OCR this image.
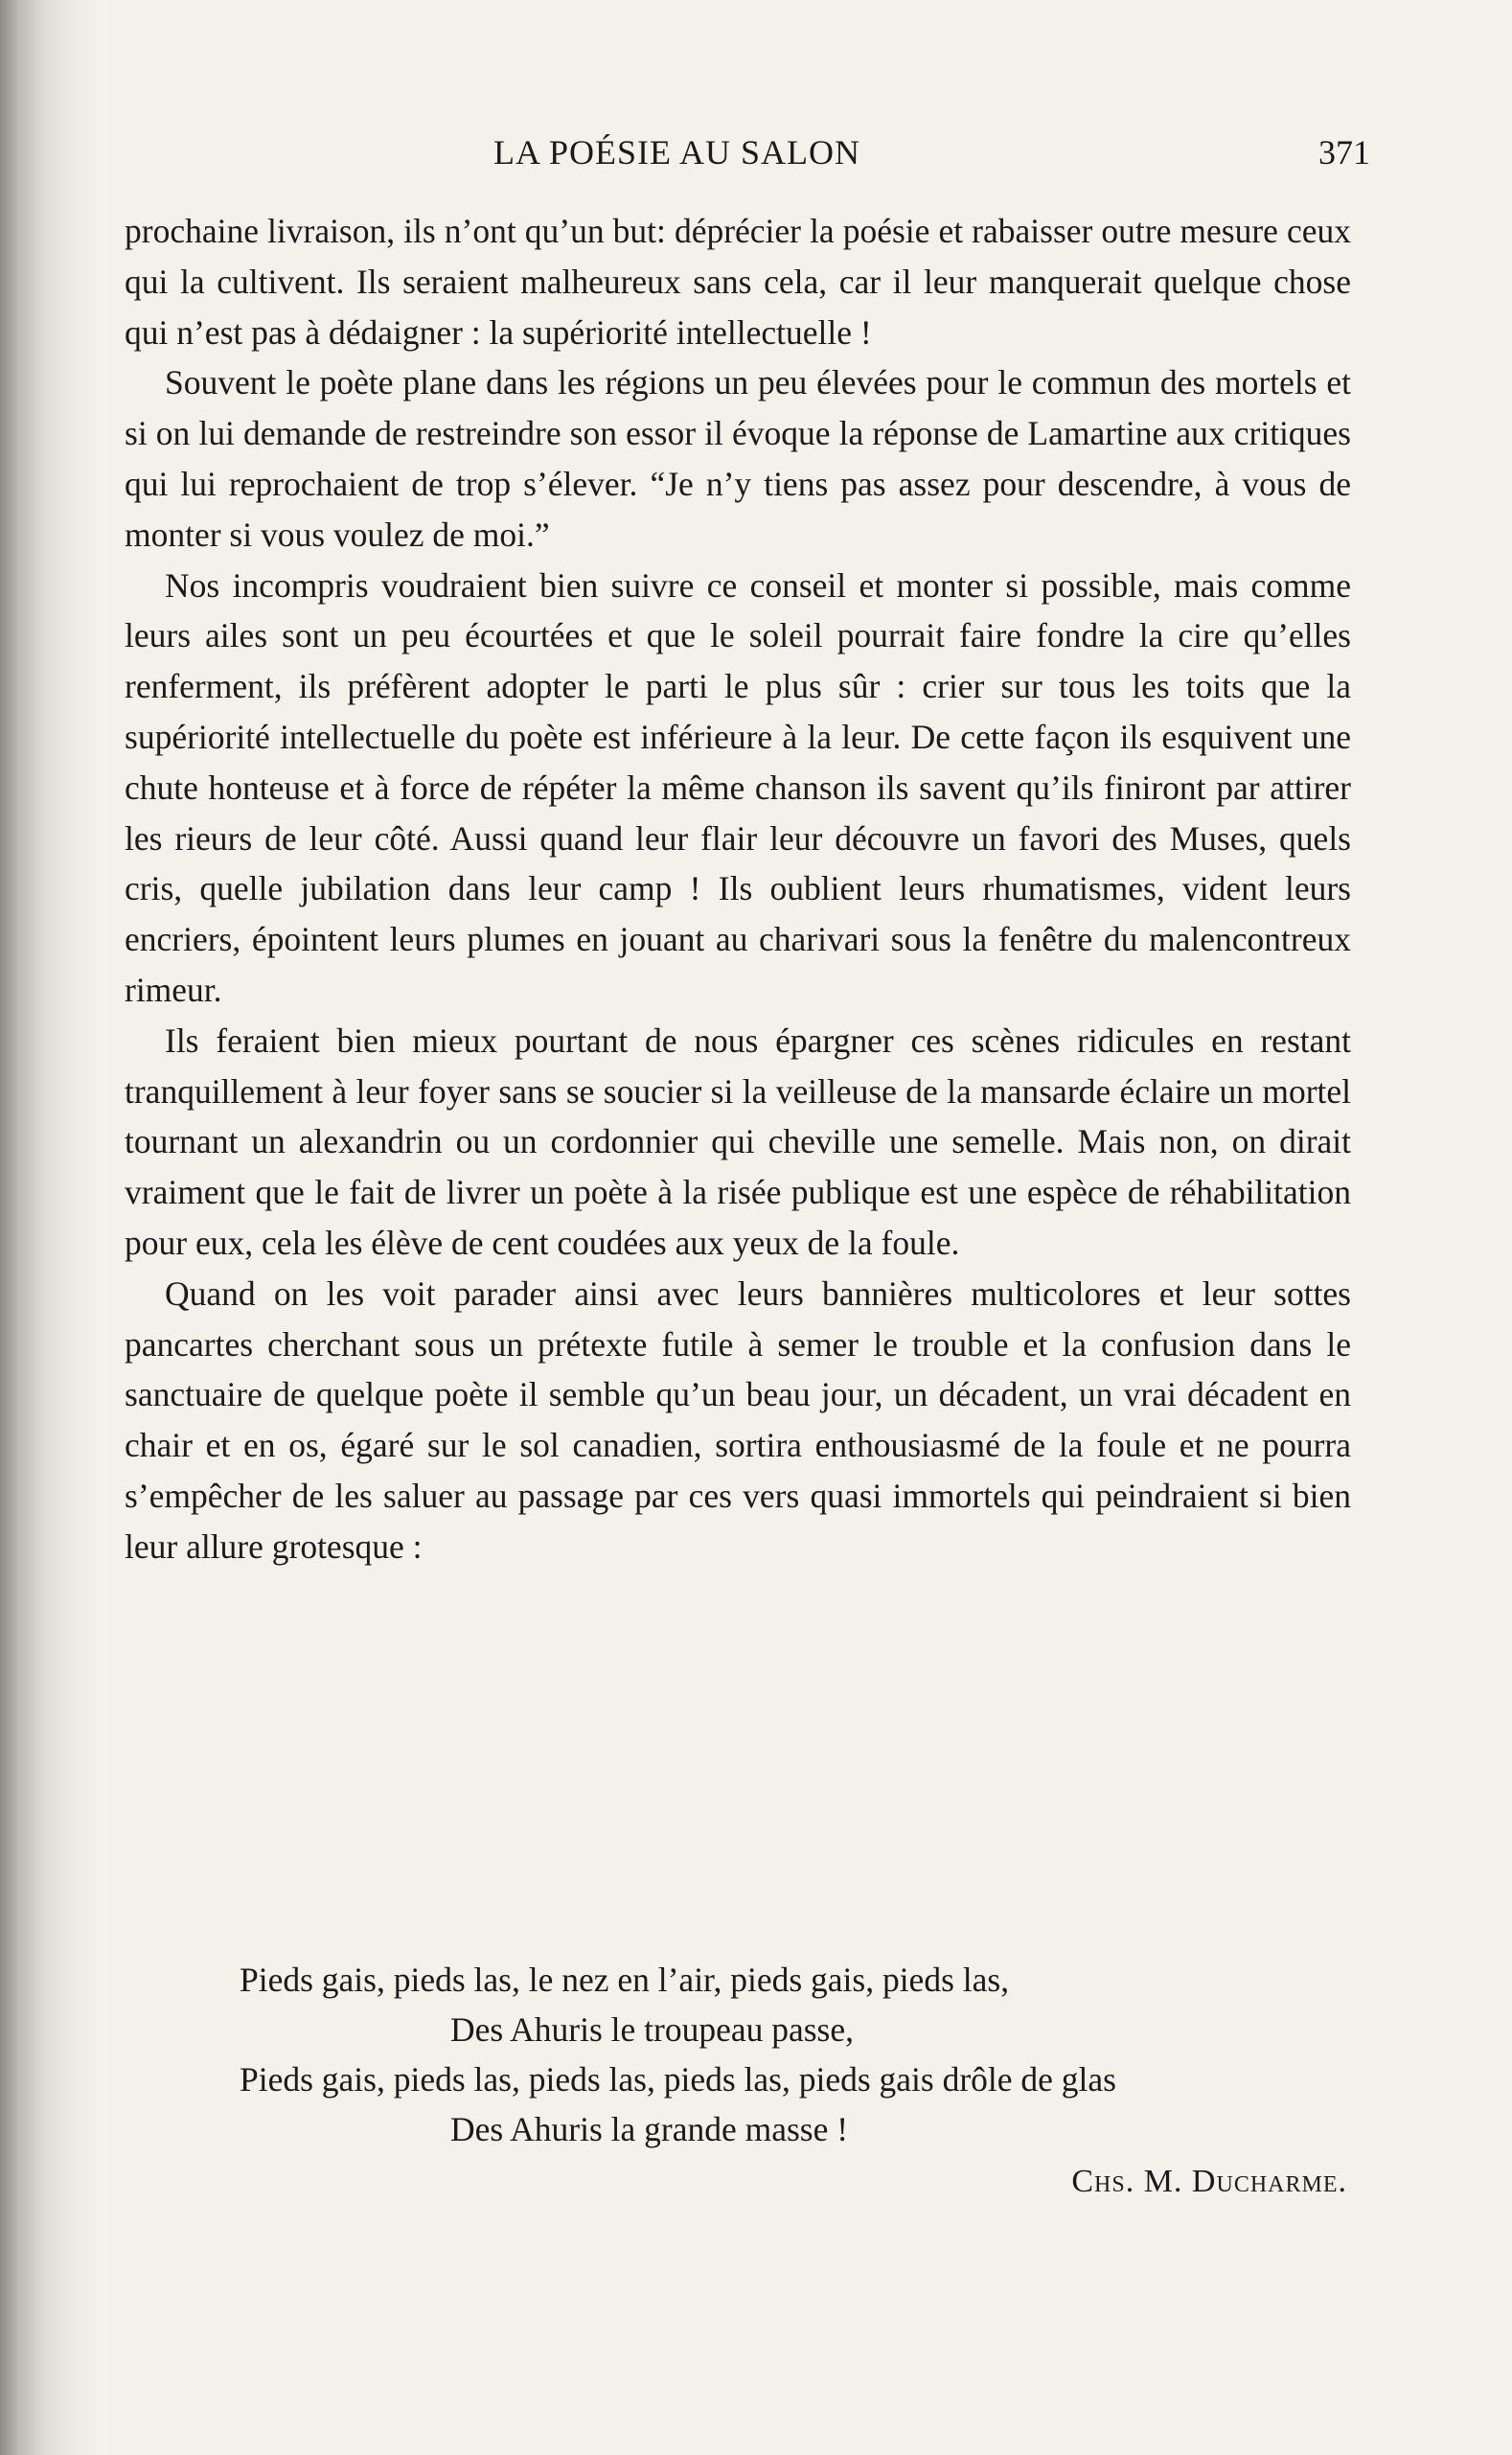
LA POÉSIE AU SALON	371

prochaine livraison, ils n’ont qu’un but: déprécier la poésie et rabaisser outre mesure ceux qui la cultivent. Ils seraient malheureux sans cela, car il leur manquerait quelque chose qui n’est pas à dédaigner : la supériorité intellectuelle !

Souvent le poète plane dans les régions un peu élevées pour le commun des mortels et si on lui demande de restreindre son essor il évoque la réponse de Lamartine aux critiques qui lui reprochaient de trop s’élever. “Je n’y tiens pas assez pour descendre, à vous de monter si vous voulez de moi.”

Nos incompris voudraient bien suivre ce conseil et monter si possible, mais comme leurs ailes sont un peu écourtées et que le soleil pourrait faire fondre la cire qu’elles renferment, ils préfèrent adopter le parti le plus sûr : crier sur tous les toits que la supériorité intellectuelle du poète est inférieure à la leur. De cette façon ils esquivent une chute honteuse et à force de répéter la même chanson ils savent qu’ils finiront par attirer les rieurs de leur côté. Aussi quand leur flair leur découvre un favori des Muses, quels cris, quelle jubilation dans leur camp ! Ils oublient leurs rhumatismes, vident leurs encriers, épointent leurs plumes en jouant au charivari sous la fenêtre du malencontreux rimeur.

Ils feraient bien mieux pourtant de nous épargner ces scènes ridicules en restant tranquillement à leur foyer sans se soucier si la veilleuse de la mansarde éclaire un mortel tournant un alexandrin ou un cordonnier qui cheville une semelle. Mais non, on dirait vraiment que le fait de livrer un poète à la risée publique est une espèce de réhabilitation pour eux, cela les élève de cent coudées aux yeux de la foule.

Quand on les voit parader ainsi avec leurs bannières multicolores et leur sottes pancartes cherchant sous un prétexte futile à semer le trouble et la confusion dans le sanctuaire de quelque poète il semble qu’un beau jour, un décadent, un vrai décadent en chair et en os, égaré sur le sol canadien, sortira enthousiasmé de la foule et ne pourra s’empêcher de les saluer au passage par ces vers quasi immortels qui peindraient si bien leur allure grotesque :

Pieds gais, pieds las, le nez en l’air, pieds gais, pieds las,
Des Ahuris le troupeau passe,
Pieds gais, pieds las, pieds las, pieds las, pieds gais drôle de glas
Des Ahuris la grande masse !
Chs. M. Ducharme.
